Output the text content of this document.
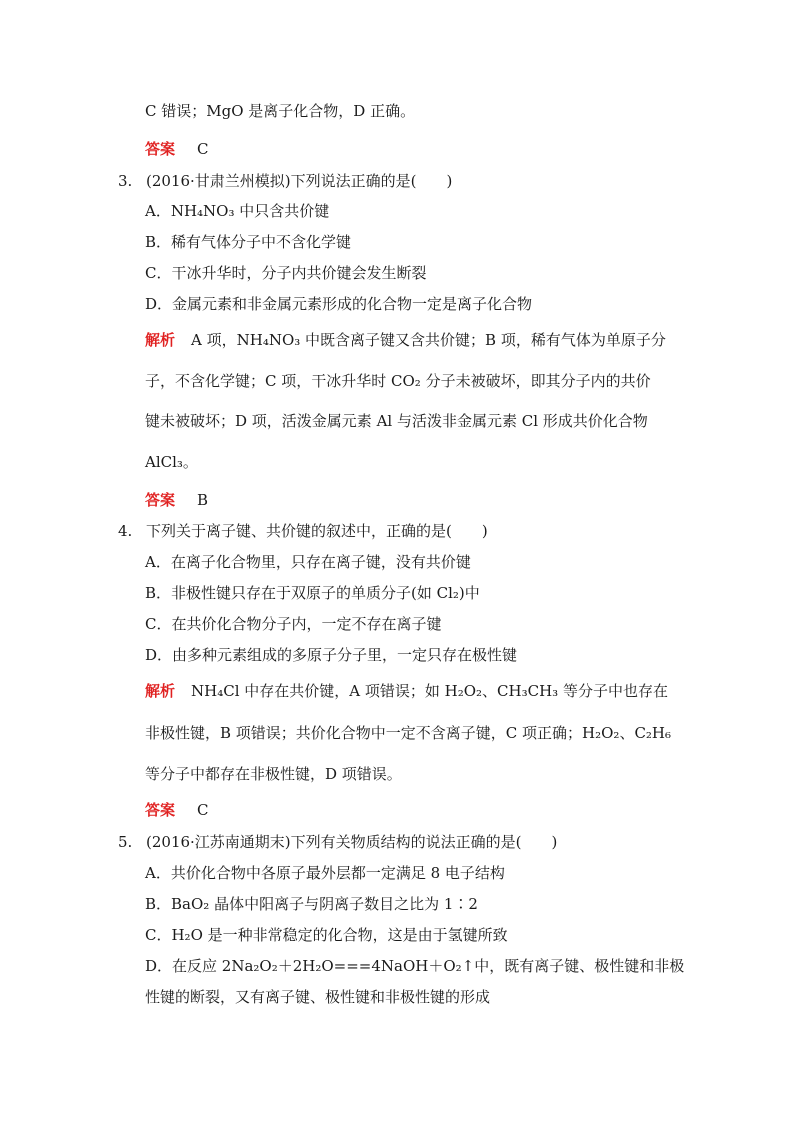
C 错误；MgO 是离子化合物，D 正确。
答案 C
3. (2016·甘肃兰州模拟)下列说法正确的是(　　)
A．NH₄NO₃ 中只含共价键
B．稀有气体分子中不含化学键
C．干冰升华时，分子内共价键会发生断裂
D．金属元素和非金属元素形成的化合物一定是离子化合物
解析 A 项，NH₄NO₃ 中既含离子键又含共价键；B 项，稀有气体为单原子分
子，不含化学键；C 项，干冰升华时 CO₂ 分子未被破坏，即其分子内的共价
键未被破坏；D 项，活泼金属元素 Al 与活泼非金属元素 Cl 形成共价化合物
AlCl₃。
答案 B
4. 下列关于离子键、共价键的叙述中，正确的是(　　)
A．在离子化合物里，只存在离子键，没有共价键
B．非极性键只存在于双原子的单质分子(如 Cl₂)中
C．在共价化合物分子内，一定不存在离子键
D．由多种元素组成的多原子分子里，一定只存在极性键
解析 NH₄Cl 中存在共价键，A 项错误；如 H₂O₂、CH₃CH₃ 等分子中也存在
非极性键，B 项错误；共价化合物中一定不含离子键，C 项正确；H₂O₂、C₂H₆
等分子中都存在非极性键，D 项错误。
答案 C
5. (2016·江苏南通期末)下列有关物质结构的说法正确的是(　　)
A．共价化合物中各原子最外层都一定满足 8 电子结构
B．BaO₂ 晶体中阳离子与阴离子数目之比为 1∶2
C．H₂O 是一种非常稳定的化合物，这是由于氢键所致
D．在反应 2Na₂O₂＋2H₂O===4NaOH＋O₂↑中，既有离子键、极性键和非极
性键的断裂，又有离子键、极性键和非极性键的形成
